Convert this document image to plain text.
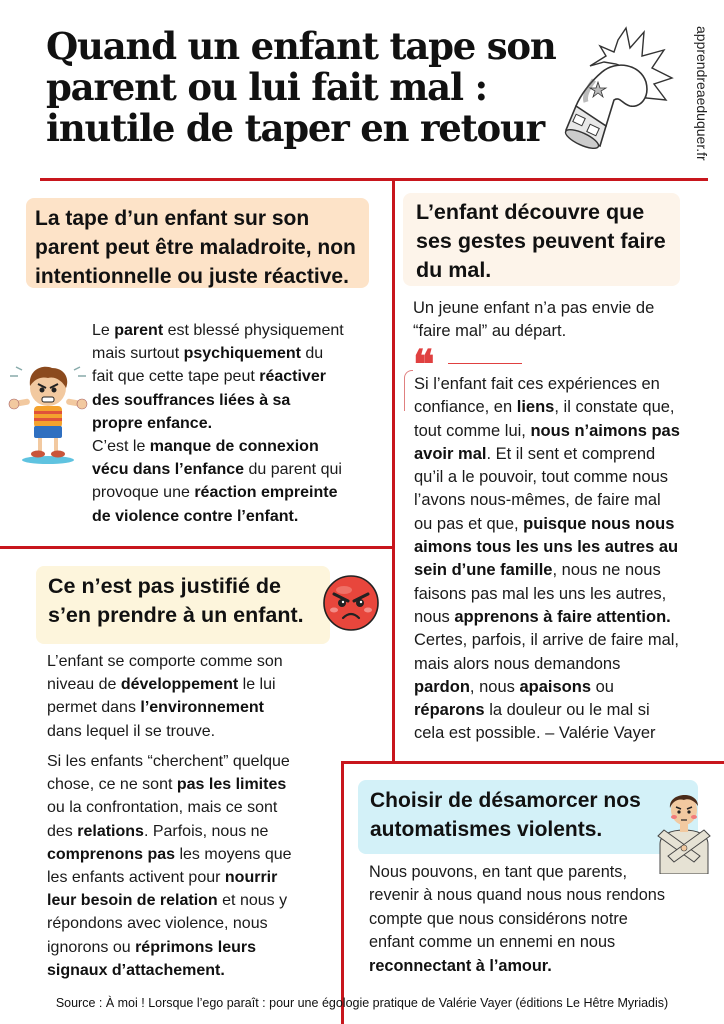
Quand un enfant tape son
parent ou lui fait mal :
inutile de taper en retour	apprendreaeduquer.fr
La tape d’un enfant sur son
parent peut être maladroite, non
intentionnelle ou juste réactive.
Le parent est blessé physiquement
mais surtout psychiquement du
fait que cette tape peut réactiver
des souffrances liées à sa
propre enfance.
C’est le manque de connexion
vécu dans l’enfance du parent qui
provoque une réaction empreinte
de violence contre l’enfant.
L’enfant découvre que
ses gestes peuvent faire
du mal.
Un jeune enfant n’a pas envie de
“faire mal” au départ.
❝
Si l’enfant fait ces expériences en
confiance, en liens, il constate que,
tout comme lui, nous n’aimons pas
avoir mal. Et il sent et comprend
qu’il a le pouvoir, tout comme nous
l’avons nous-mêmes, de faire mal
ou pas et que, puisque nous nous
aimons tous les uns les autres au
sein d’une famille, nous ne nous
faisons pas mal les uns les autres,
nous apprenons à faire attention.
Certes, parfois, il arrive de faire mal,
mais alors nous demandons
pardon, nous apaisons ou
réparons la douleur ou le mal si
cela est possible. – Valérie Vayer
Ce n’est pas justifié de
s’en prendre à un enfant.
L’enfant se comporte comme son
niveau de développement le lui
permet dans l’environnement
dans lequel il se trouve.
Si les enfants “cherchent” quelque
chose, ce ne sont pas les limites
ou la confrontation, mais ce sont
des relations. Parfois, nous ne
comprenons pas les moyens que
les enfants activent pour nourrir
leur besoin de relation et nous y
répondons avec violence, nous
ignorons ou réprimons leurs
signaux d’attachement.
Choisir de désamorcer nos
automatismes violents.
Nous pouvons, en tant que parents,
revenir à nous quand nous nous rendons
compte que nous considérons notre
enfant comme un ennemi en nous
reconnectant à l’amour.
Source : À moi ! Lorsque l’ego paraît : pour une égologie pratique de Valérie Vayer (éditions Le Hêtre Myriadis)
